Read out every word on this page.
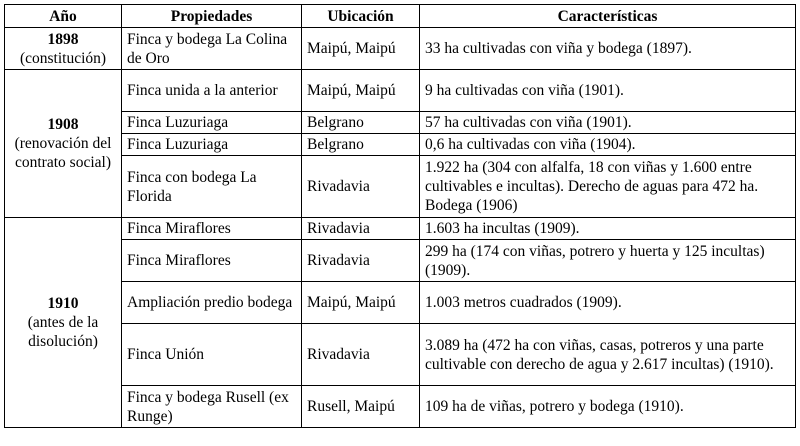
Año	Propiedades	Ubicación	Características

1898
(constitución)	Finca y bodega La Colina de Oro	Maipú, Maipú	33 ha cultivadas con viña y bodega (1897).

1908
(renovación del contrato social)	Finca unida a la anterior	Maipú, Maipú	9 ha cultivadas con viña (1901).
	Finca Luzuriaga	Belgrano	57 ha cultivadas con viña (1901).
	Finca Luzuriaga	Belgrano	0,6 ha cultivadas con viña (1904).
	Finca con bodega La Florida	Rivadavia	1.922 ha (304 con alfalfa, 18 con viñas y 1.600 entre cultivables e incultas). Derecho de aguas para 472 ha. Bodega (1906)

1910
(antes de la disolución)	Finca Miraflores	Rivadavia	1.603 ha incultas (1909).
	Finca Miraflores	Rivadavia	299 ha (174 con viñas, potrero y huerta y 125 incultas) (1909).
	Ampliación predio bodega	Maipú, Maipú	1.003 metros cuadrados (1909).
	Finca Unión	Rivadavia	3.089 ha (472 ha con viñas, casas, potreros y una parte cultivable con derecho de agua y 2.617 incultas) (1910).
	Finca y bodega Rusell (ex Runge)	Rusell, Maipú	109 ha de viñas, potrero y bodega (1910).
